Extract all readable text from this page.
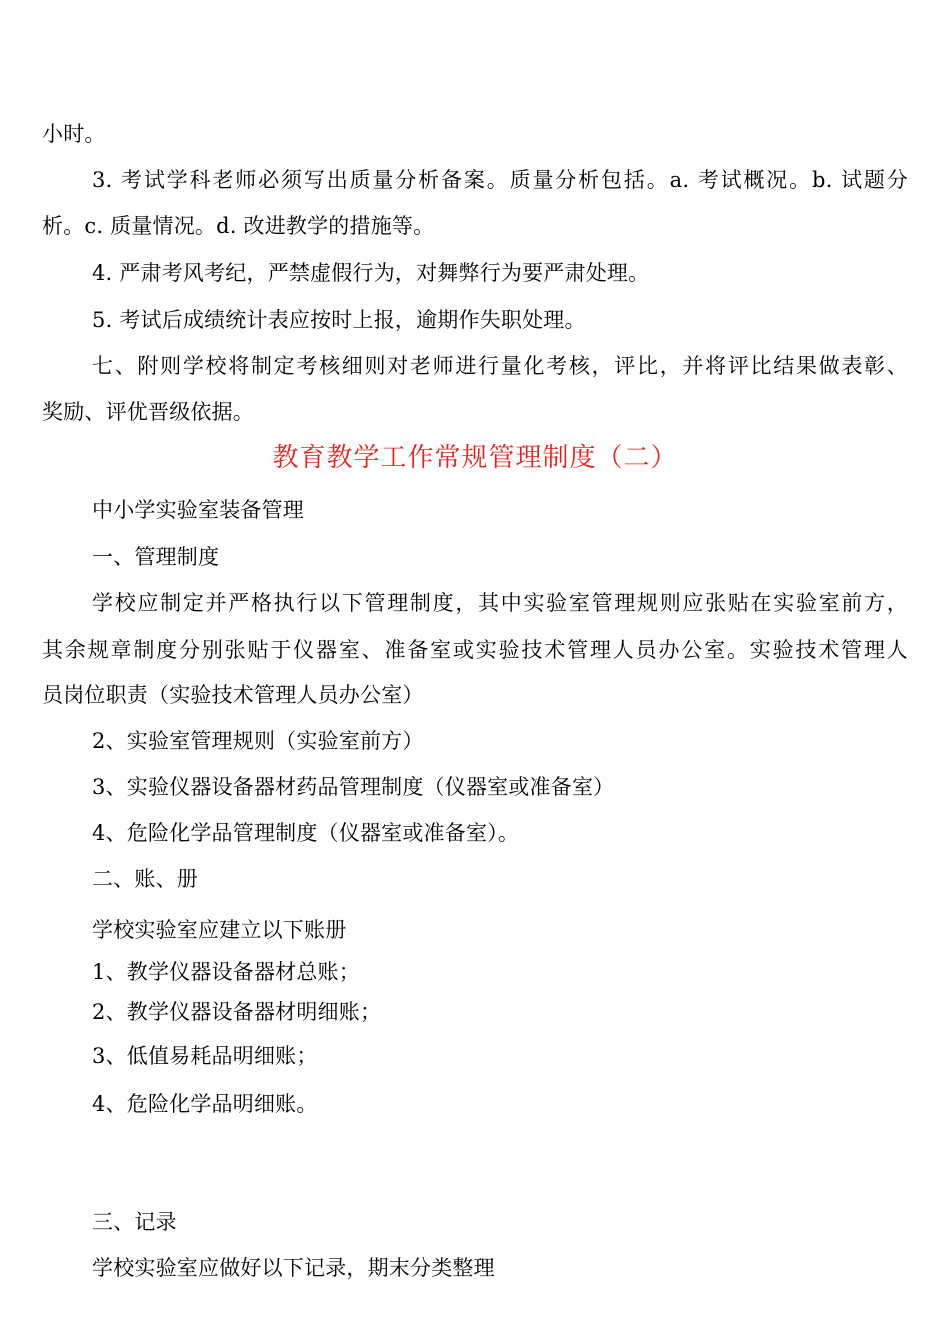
小时。
3. 考试学科老师必须写出质量分析备案。质量分析包括。a. 考试概况。b. 试题分
析。c. 质量情况。d. 改进教学的措施等。
4. 严肃考风考纪，严禁虚假行为，对舞弊行为要严肃处理。
5. 考试后成绩统计表应按时上报，逾期作失职处理。
七、附则学校将制定考核细则对老师进行量化考核，评比，并将评比结果做表彰、
奖励、评优晋级依据。
教育教学工作常规管理制度（二）
中小学实验室装备管理
一、管理制度
学校应制定并严格执行以下管理制度，其中实验室管理规则应张贴在实验室前方，
其余规章制度分别张贴于仪器室、准备室或实验技术管理人员办公室。实验技术管理人
员岗位职责（实验技术管理人员办公室）
2、实验室管理规则（实验室前方）
3、实验仪器设备器材药品管理制度（仪器室或准备室）
4、危险化学品管理制度（仪器室或准备室）。
二、账、册
学校实验室应建立以下账册
1、教学仪器设备器材总账；
2、教学仪器设备器材明细账；
3、低值易耗品明细账；
4、危险化学品明细账。
三、记录
学校实验室应做好以下记录，期末分类整理
